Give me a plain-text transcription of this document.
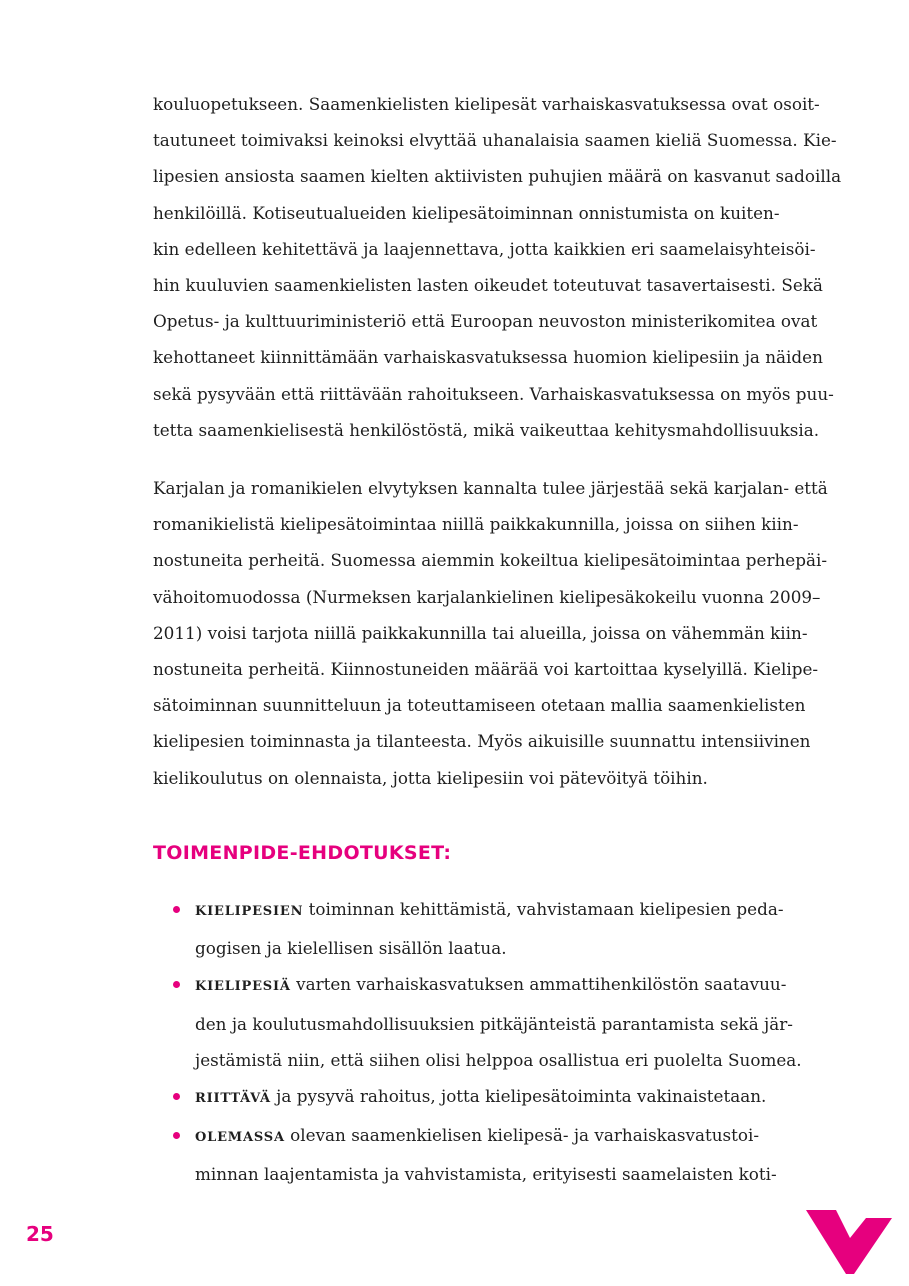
kouluopetukseen. Saamenkielisten kielipesät varhaiskasvatuksessa ovat osoit-
tautuneet toimivaksi keinoksi elvyttää uhanalaisia saamen kieliä Suomessa. Kie-
lipesien ansiosta saamen kielten aktiivisten puhujien määrä on kasvanut sadoilla
henkilöillä. Kotiseutualueiden kielipesätoiminnan onnistumista on kuiten-
kin edelleen kehitettävä ja laajennettava, jotta kaikkien eri saamelaisyhteisöi-
hin kuuluvien saamenkielisten lasten oikeudet toteutuvat tasavertaisesti. Sekä
Opetus- ja kulttuuriministeriö että Euroopan neuvoston ministerikomitea ovat
kehottaneet kiinnittämään varhaiskasvatuksessa huomion kielipesiin ja näiden
sekä pysyvään että riittävään rahoitukseen. Varhaiskasvatuksessa on myös puu-
tetta saamenkielisestä henkilöstöstä, mikä vaikeuttaa kehitysmahdollisuuksia.
Karjalan ja romanikielen elvytyksen kannalta tulee järjestää sekä karjalan- että
romanikielistä kielipesätoimintaa niillä paikkakunnilla, joissa on siihen kiin-
nostuneita perheitä. Suomessa aiemmin kokeiltua kielipesätoimintaa perhepäi-
vähoitomuodossa (Nurmeksen karjalankielinen kielipesäkokeilu vuonna 2009–
2011) voisi tarjota niillä paikkakunnilla tai alueilla, joissa on vähemmän kiin-
nostuneita perheitä. Kiinnostuneiden määrää voi kartoittaa kyselyillä. Kielipe-
sätoiminnan suunnitteluun ja toteuttamiseen otetaan mallia saamenkielisten
kielipesien toiminnasta ja tilanteesta. Myös aikuisille suunnattu intensiivinen
kielikoulutus on olennaista, jotta kielipesiin voi pätevöityä töihin.
TOIMENPIDE-EHDOTUKSET:
KIELIPESIEN toiminnan kehittämistä, vahvistamaan kielipesien peda-
gogisen ja kielellisen sisällön laatua.
KIELIPESIÄ varten varhaiskasvatuksen ammattihenkilöstön saatavuu-
den ja koulutusmahdollisuuksien pitkäjänteistä parantamista sekä jär-
jestämistä niin, että siihen olisi helppoa osallistua eri puolelta Suomea.
RIITTÄVÄ ja pysyvä rahoitus, jotta kielipesätoiminta vakinaistetaan.
OLEMASSA olevan saamenkielisen kielipesä- ja varhaiskasvatustoi-
minnan laajentamista ja vahvistamista, erityisesti saamelaisten koti-
25
